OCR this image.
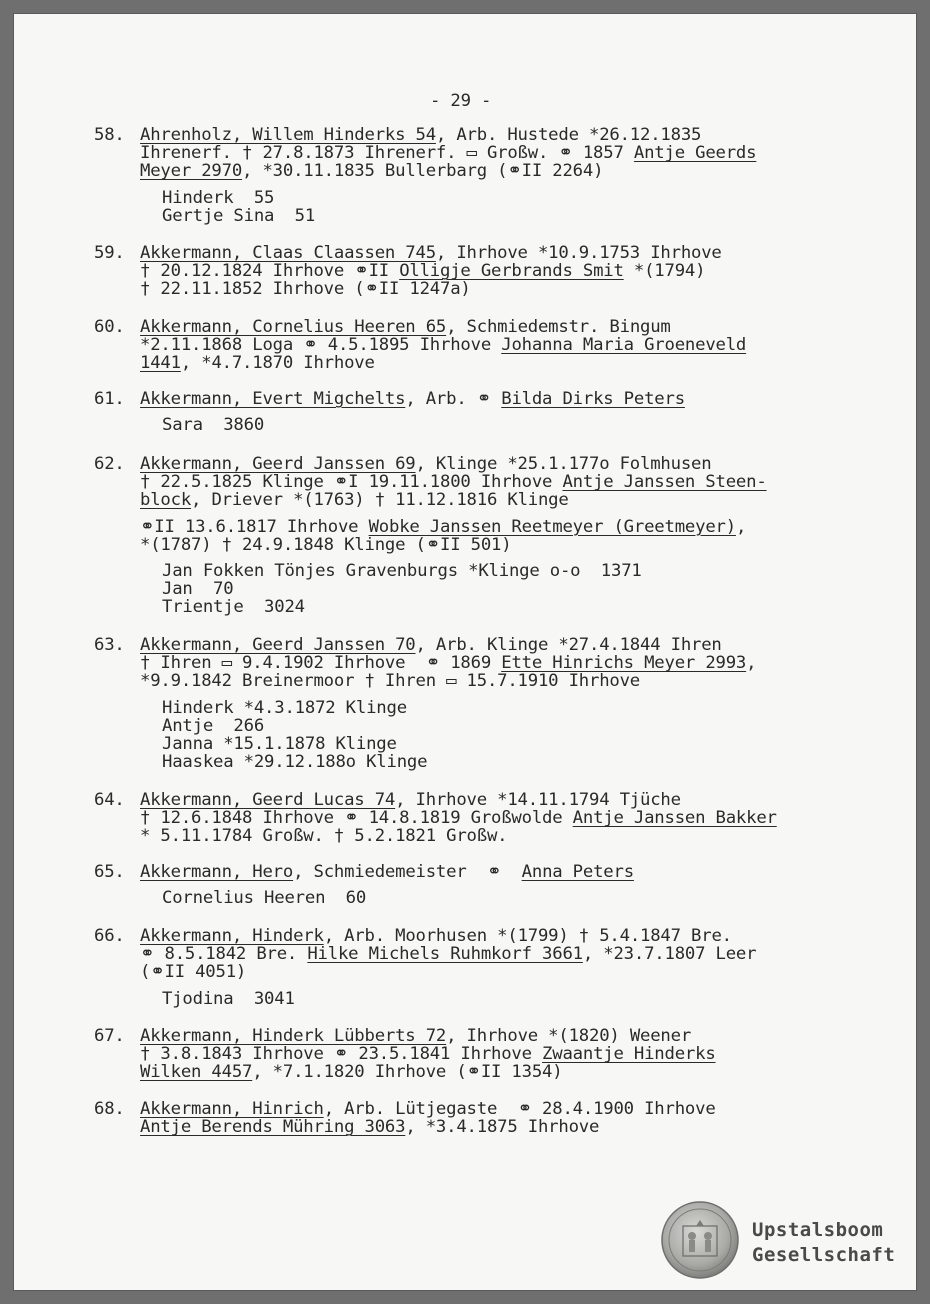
- 29 -
58. Ahrenholz, Willem Hinderks 54, Arb. Hustede *26.12.1835
Ihrenerf. † 27.8.1873 Ihrenerf. ▭ Großw. ⚭ 1857 Antje Geerds
Meyer 2970, *30.11.1835 Bullerbarg (⚭II 2264)
Hinderk  55
Gertje Sina  51
59. Akkermann, Claas Claassen 745, Ihrhove *10.9.1753 Ihrhove
† 20.12.1824 Ihrhove ⚭II Olligje Gerbrands Smit *(1794)
† 22.11.1852 Ihrhove (⚭II 1247a)
60. Akkermann, Cornelius Heeren 65, Schmiedemstr. Bingum
*2.11.1868 Loga ⚭ 4.5.1895 Ihrhove Johanna Maria Groeneveld
1441, *4.7.1870 Ihrhove
61. Akkermann, Evert Migchelts, Arb. ⚭ Bilda Dirks Peters
Sara  3860
62. Akkermann, Geerd Janssen 69, Klinge *25.1.177o Folmhusen
† 22.5.1825 Klinge ⚭I 19.11.1800 Ihrhove Antje Janssen Steen-
block, Driever *(1763) † 11.12.1816 Klinge
⚭II 13.6.1817 Ihrhove Wobke Janssen Reetmeyer (Greetmeyer),
*(1787) † 24.9.1848 Klinge (⚭II 501)
Jan Fokken Tönjes Gravenburgs *Klinge o-o  1371
Jan  70
Trientje  3024
63. Akkermann, Geerd Janssen 70, Arb. Klinge *27.4.1844 Ihren
† Ihren ▭ 9.4.1902 Ihrhove  ⚭ 1869 Ette Hinrichs Meyer 2993,
*9.9.1842 Breinermoor † Ihren ▭ 15.7.1910 Ihrhove
Hinderk *4.3.1872 Klinge
Antje  266
Janna *15.1.1878 Klinge
Haaskea *29.12.188o Klinge
64. Akkermann, Geerd Lucas 74, Ihrhove *14.11.1794 Tjüche
† 12.6.1848 Ihrhove ⚭ 14.8.1819 Großwolde Antje Janssen Bakker
* 5.11.1784 Großw. † 5.2.1821 Großw.
65. Akkermann, Hero, Schmiedemeister  ⚭  Anna Peters
Cornelius Heeren  60
66. Akkermann, Hinderk, Arb. Moorhusen *(1799) † 5.4.1847 Bre.
⚭ 8.5.1842 Bre. Hilke Michels Ruhmkorf 3661, *23.7.1807 Leer
(⚭II 4051)
Tjodina  3041
67. Akkermann, Hinderk Lübberts 72, Ihrhove *(1820) Weener
† 3.8.1843 Ihrhove ⚭ 23.5.1841 Ihrhove Zwaantje Hinderks
Wilken 4457, *7.1.1820 Ihrhove (⚭II 1354)
68. Akkermann, Hinrich, Arb. Lütjegaste  ⚭ 28.4.1900 Ihrhove
Antje Berends Mühring 3063, *3.4.1875 Ihrhove
Upstalsboom
Gesellschaft
